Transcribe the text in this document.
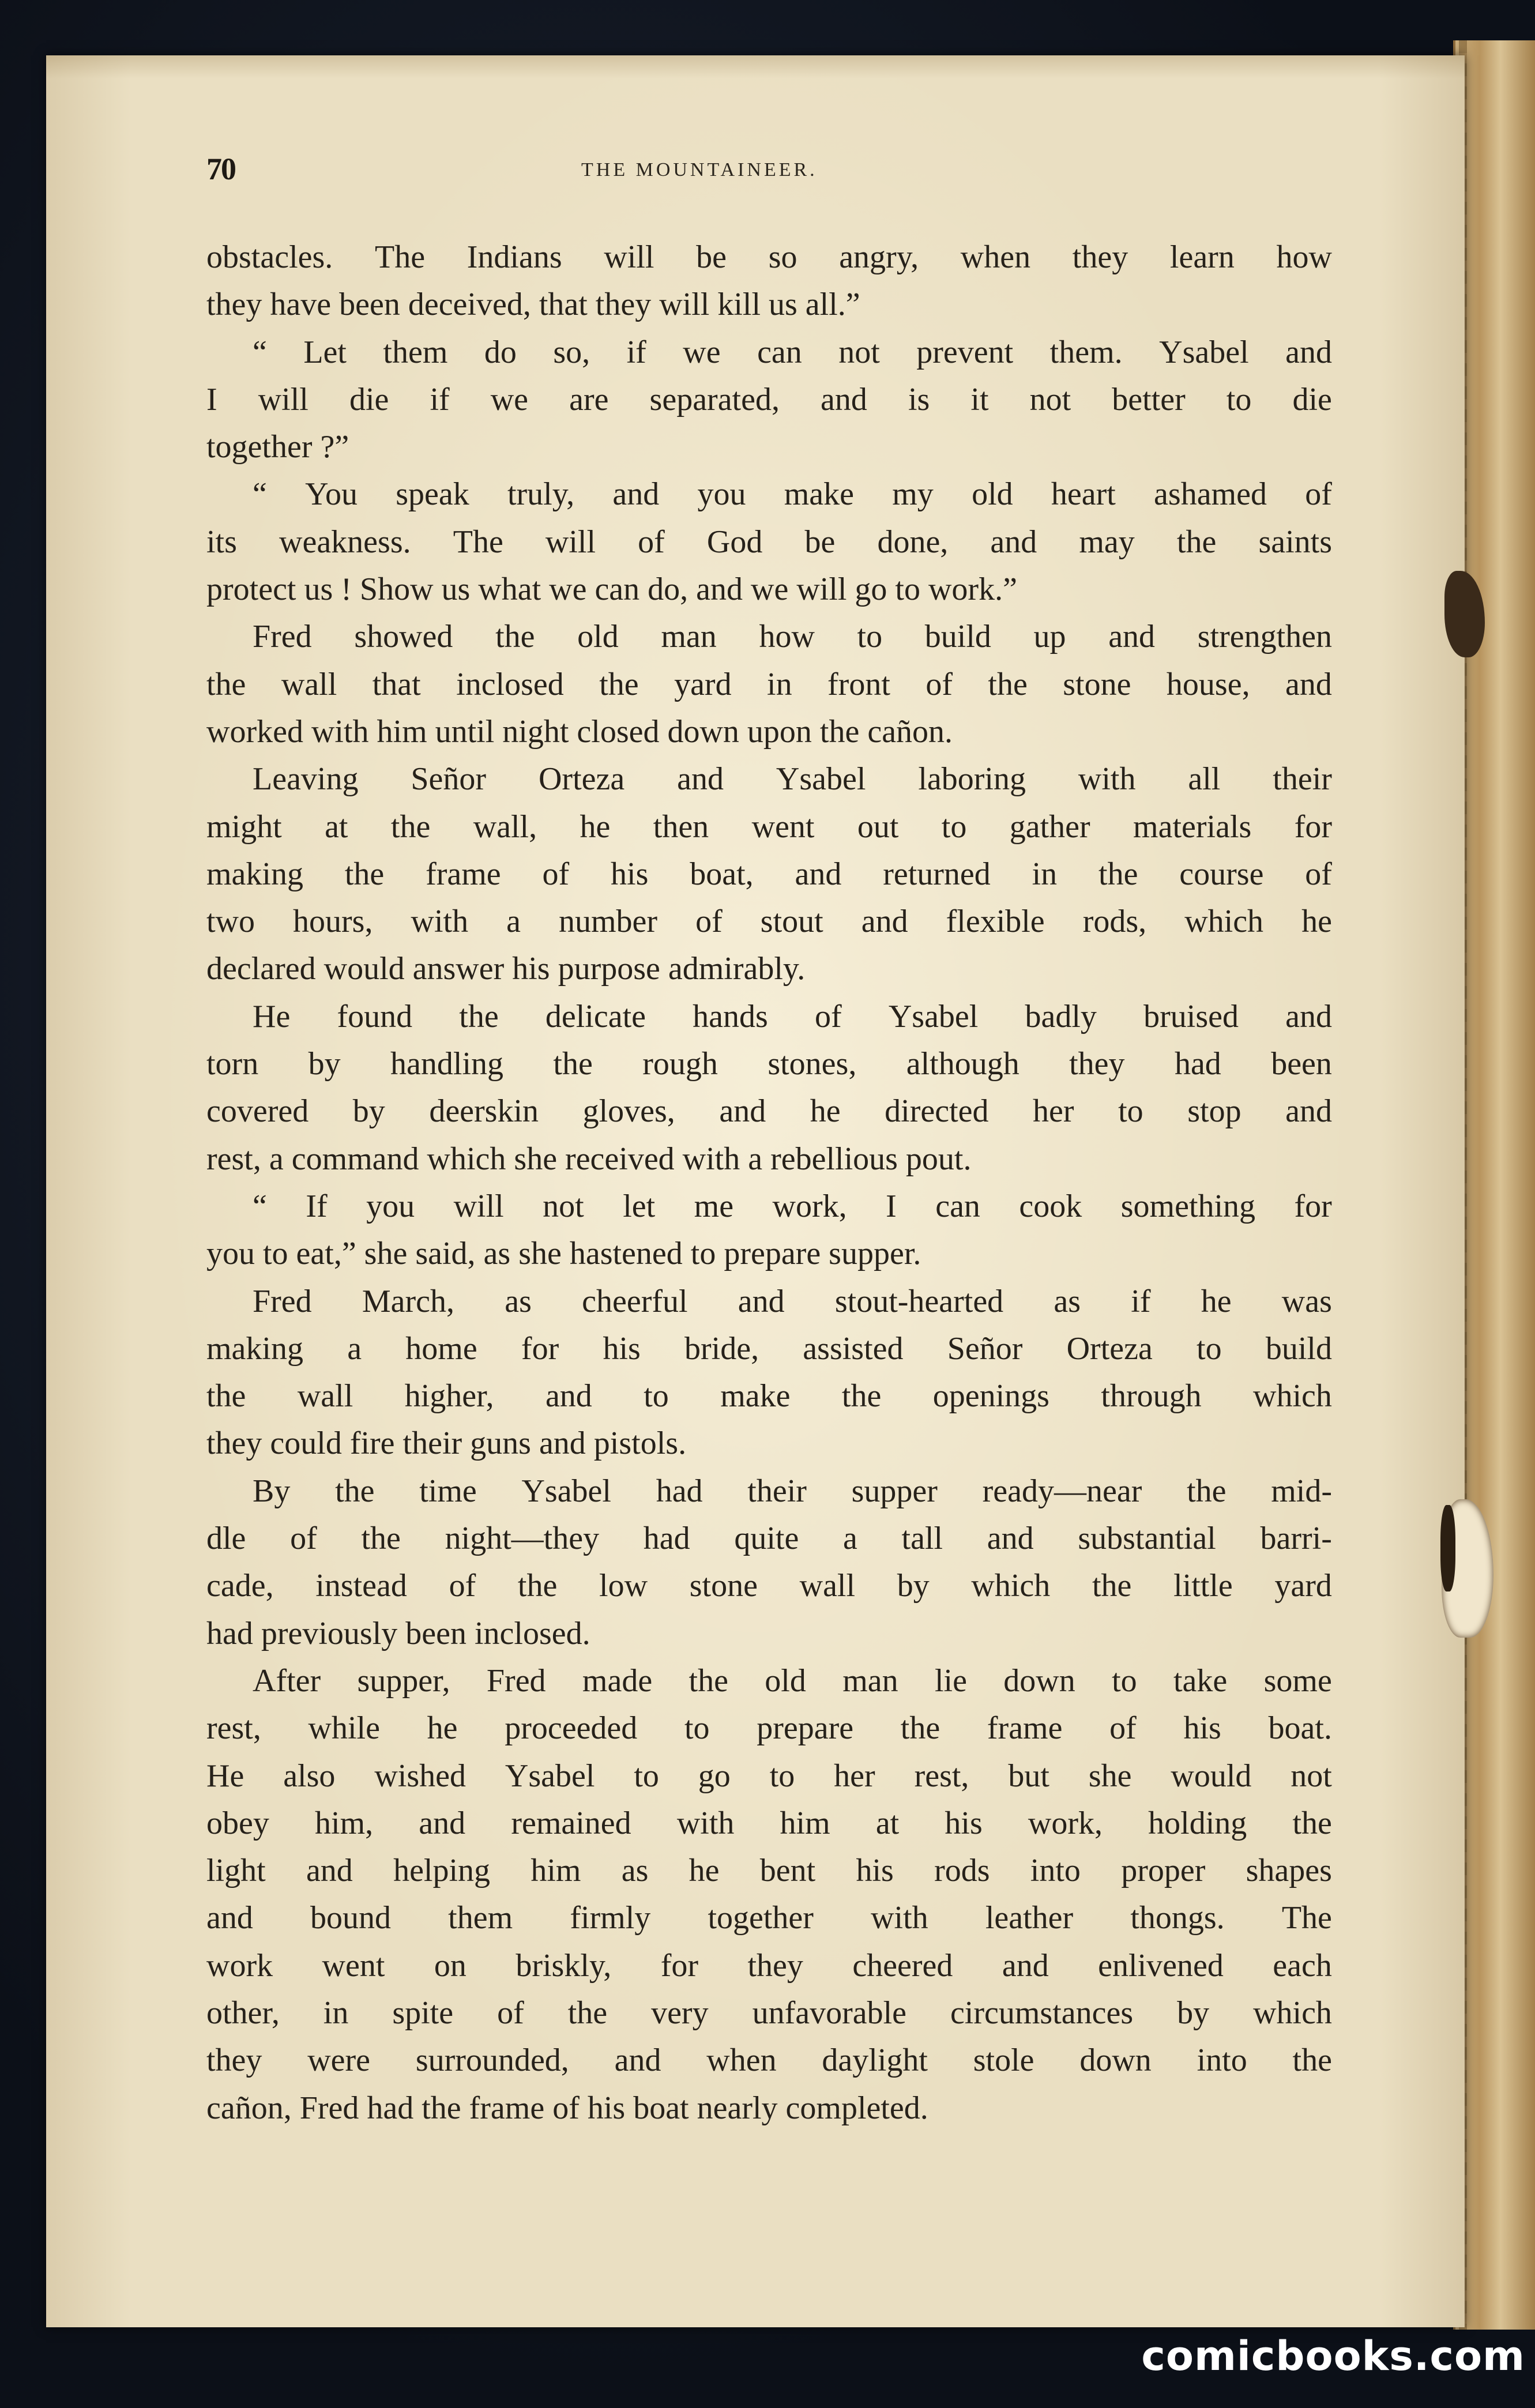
70	THE MOUNTAINEER.
obstacles. The Indians will be so angry, when they learn how
they have been deceived, that they will kill us all.”
“ Let them do so, if we can not prevent them. Ysabel and
I will die if we are separated, and is it not better to die
together ?”
“ You speak truly, and you make my old heart ashamed of
its weakness. The will of God be done, and may the saints
protect us ! Show us what we can do, and we will go to work.”
Fred showed the old man how to build up and strengthen
the wall that inclosed the yard in front of the stone house, and
worked with him until night closed down upon the cañon.
Leaving Señor Orteza and Ysabel laboring with all their
might at the wall, he then went out to gather materials for
making the frame of his boat, and returned in the course of
two hours, with a number of stout and flexible rods, which he
declared would answer his purpose admirably.
He found the delicate hands of Ysabel badly bruised and
torn by handling the rough stones, although they had been
covered by deerskin gloves, and he directed her to stop and
rest, a command which she received with a rebellious pout.
“ If you will not let me work, I can cook something for
you to eat,” she said, as she hastened to prepare supper.
Fred March, as cheerful and stout-hearted as if he was
making a home for his bride, assisted Señor Orteza to build
the wall higher, and to make the openings through which
they could fire their guns and pistols.
By the time Ysabel had their supper ready—near the mid-
dle of the night—they had quite a tall and substantial barri-
cade, instead of the low stone wall by which the little yard
had previously been inclosed.
After supper, Fred made the old man lie down to take some
rest, while he proceeded to prepare the frame of his boat.
He also wished Ysabel to go to her rest, but she would not
obey him, and remained with him at his work, holding the
light and helping him as he bent his rods into proper shapes
and bound them firmly together with leather thongs. The
work went on briskly, for they cheered and enlivened each
other, in spite of the very unfavorable circumstances by which
they were surrounded, and when daylight stole down into the
cañon, Fred had the frame of his boat nearly completed.
comicbooks.com
